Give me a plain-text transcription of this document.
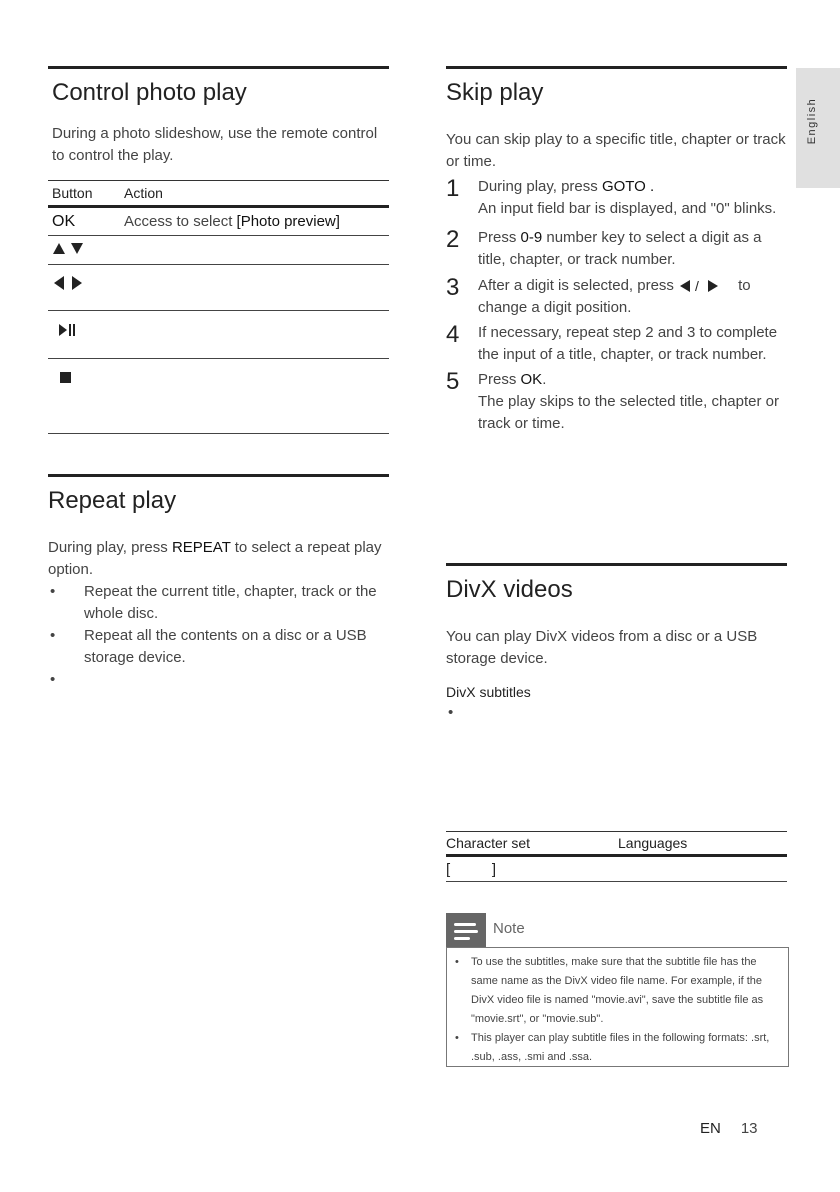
English
Control photo play
During a photo slideshow, use the remote control to control the play.
Button	Action
OK	Access to select [Photo preview]
Repeat play
During play, press REPEAT to select a repeat play option.
•	Repeat the current title, chapter, track or the whole disc.
•	Repeat all the contents on a disc or a USB storage device.
•
Skip play
You can skip play to a specific title, chapter or track or time.
1	During play, press GOTO .
An input field bar is displayed, and "0" blinks.
2	Press 0-9 number key to select a digit as a title, chapter, or track number.
3	After a digit is selected, press /	to change a digit position.
4	If necessary, repeat step 2 and 3 to complete the input of a title, chapter, or track number.
5	Press OK.
The play skips to the selected title, chapter or track or time.
DivX videos
You can play DivX videos from a disc or a USB storage device.
DivX subtitles
•
Character set	Languages
[          ]
Note
•	To use the subtitles, make sure that the subtitle file has the same name as the DivX video file name. For example, if the DivX video file is named "movie.avi", save the subtitle file as "movie.srt", or "movie.sub".
•	This player can play subtitle files in the following formats: .srt, .sub, .ass, .smi and .ssa.
EN 13
